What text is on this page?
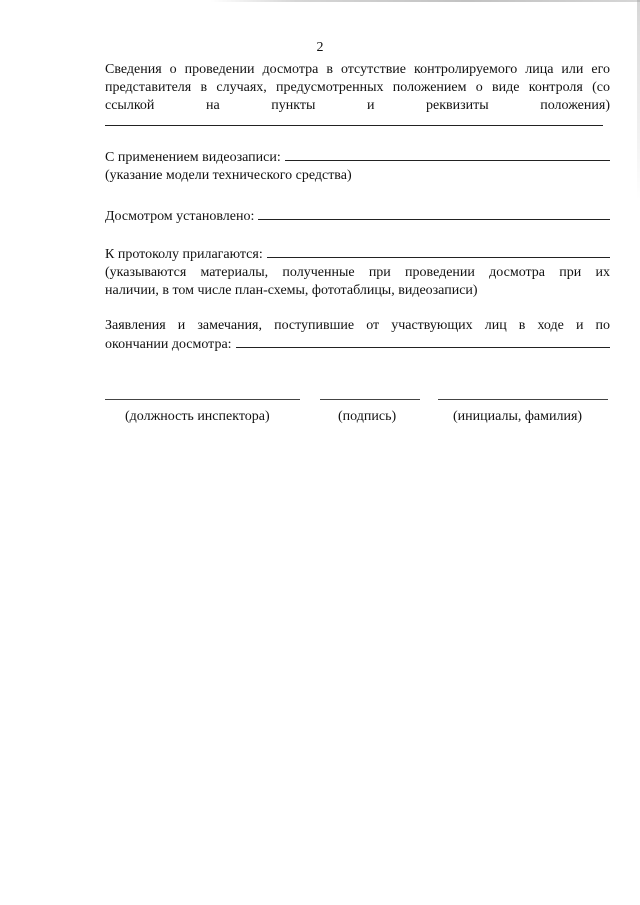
2

Сведения о проведении досмотра в отсутствие контролируемого лица или его

представителя в случаях, предусмотренных положением о виде контроля (со

ссылкой на пункты и реквизиты положения)

С применением видеозаписи:

(указание модели технического средства)

Досмотром установлено:
К протоколу прилагаются:

(указываются материалы, полученные при проведении досмотра при их

наличии, в том числе план-схемы, фототаблицы, видеозаписи)

Заявления и замечания, поступившие от участвующих лиц в ходе и по

окончании досмотра:
(должность инспектора)	(подпись)	(инициалы, фамилия)
